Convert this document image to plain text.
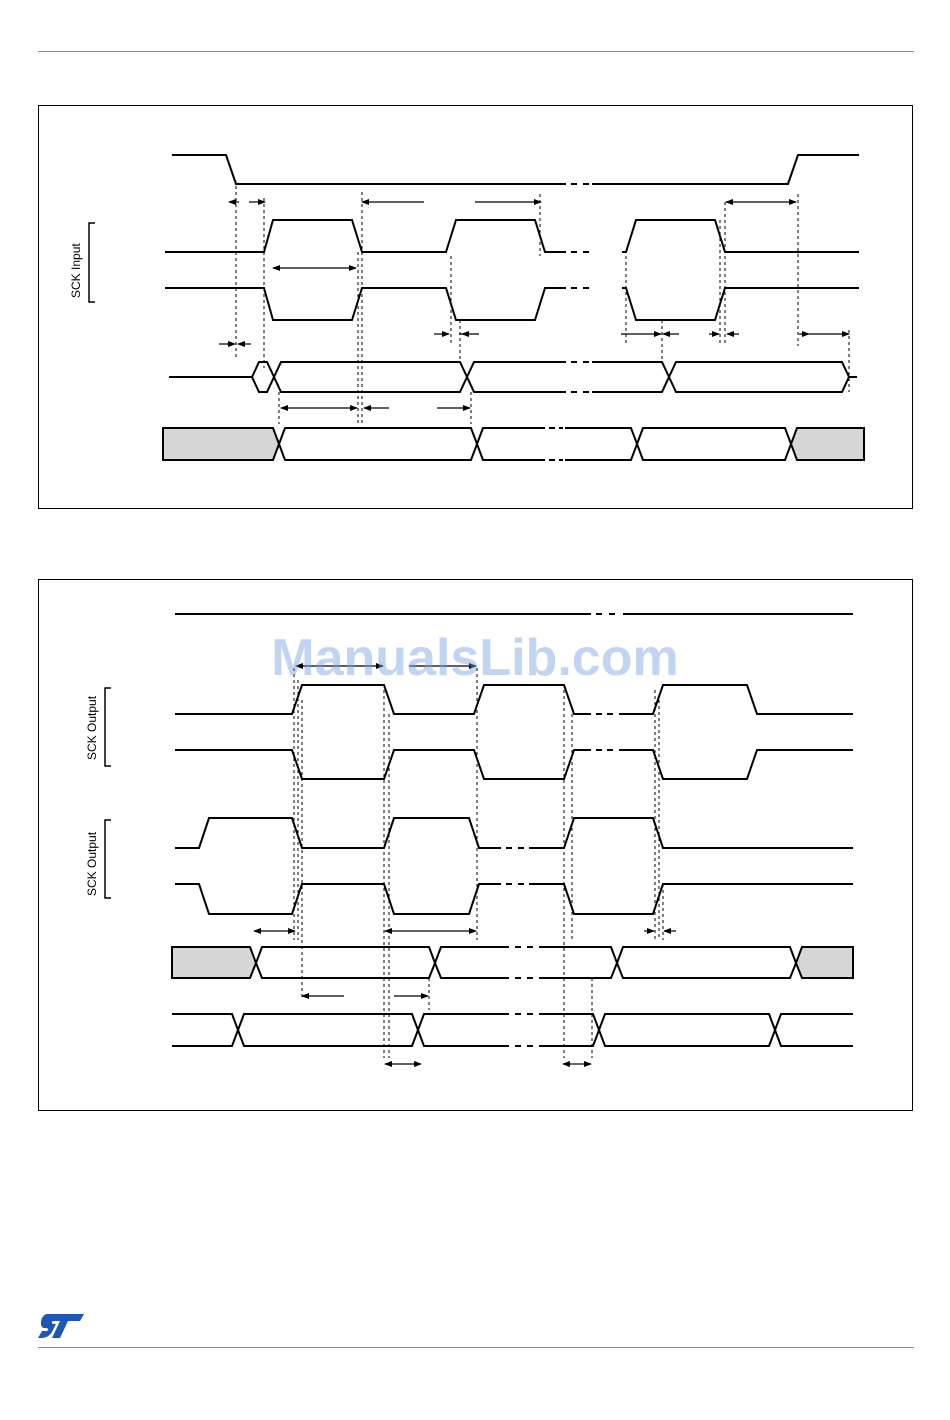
SCK Input
SCK Output
SCK Output
ManualsLib.com
